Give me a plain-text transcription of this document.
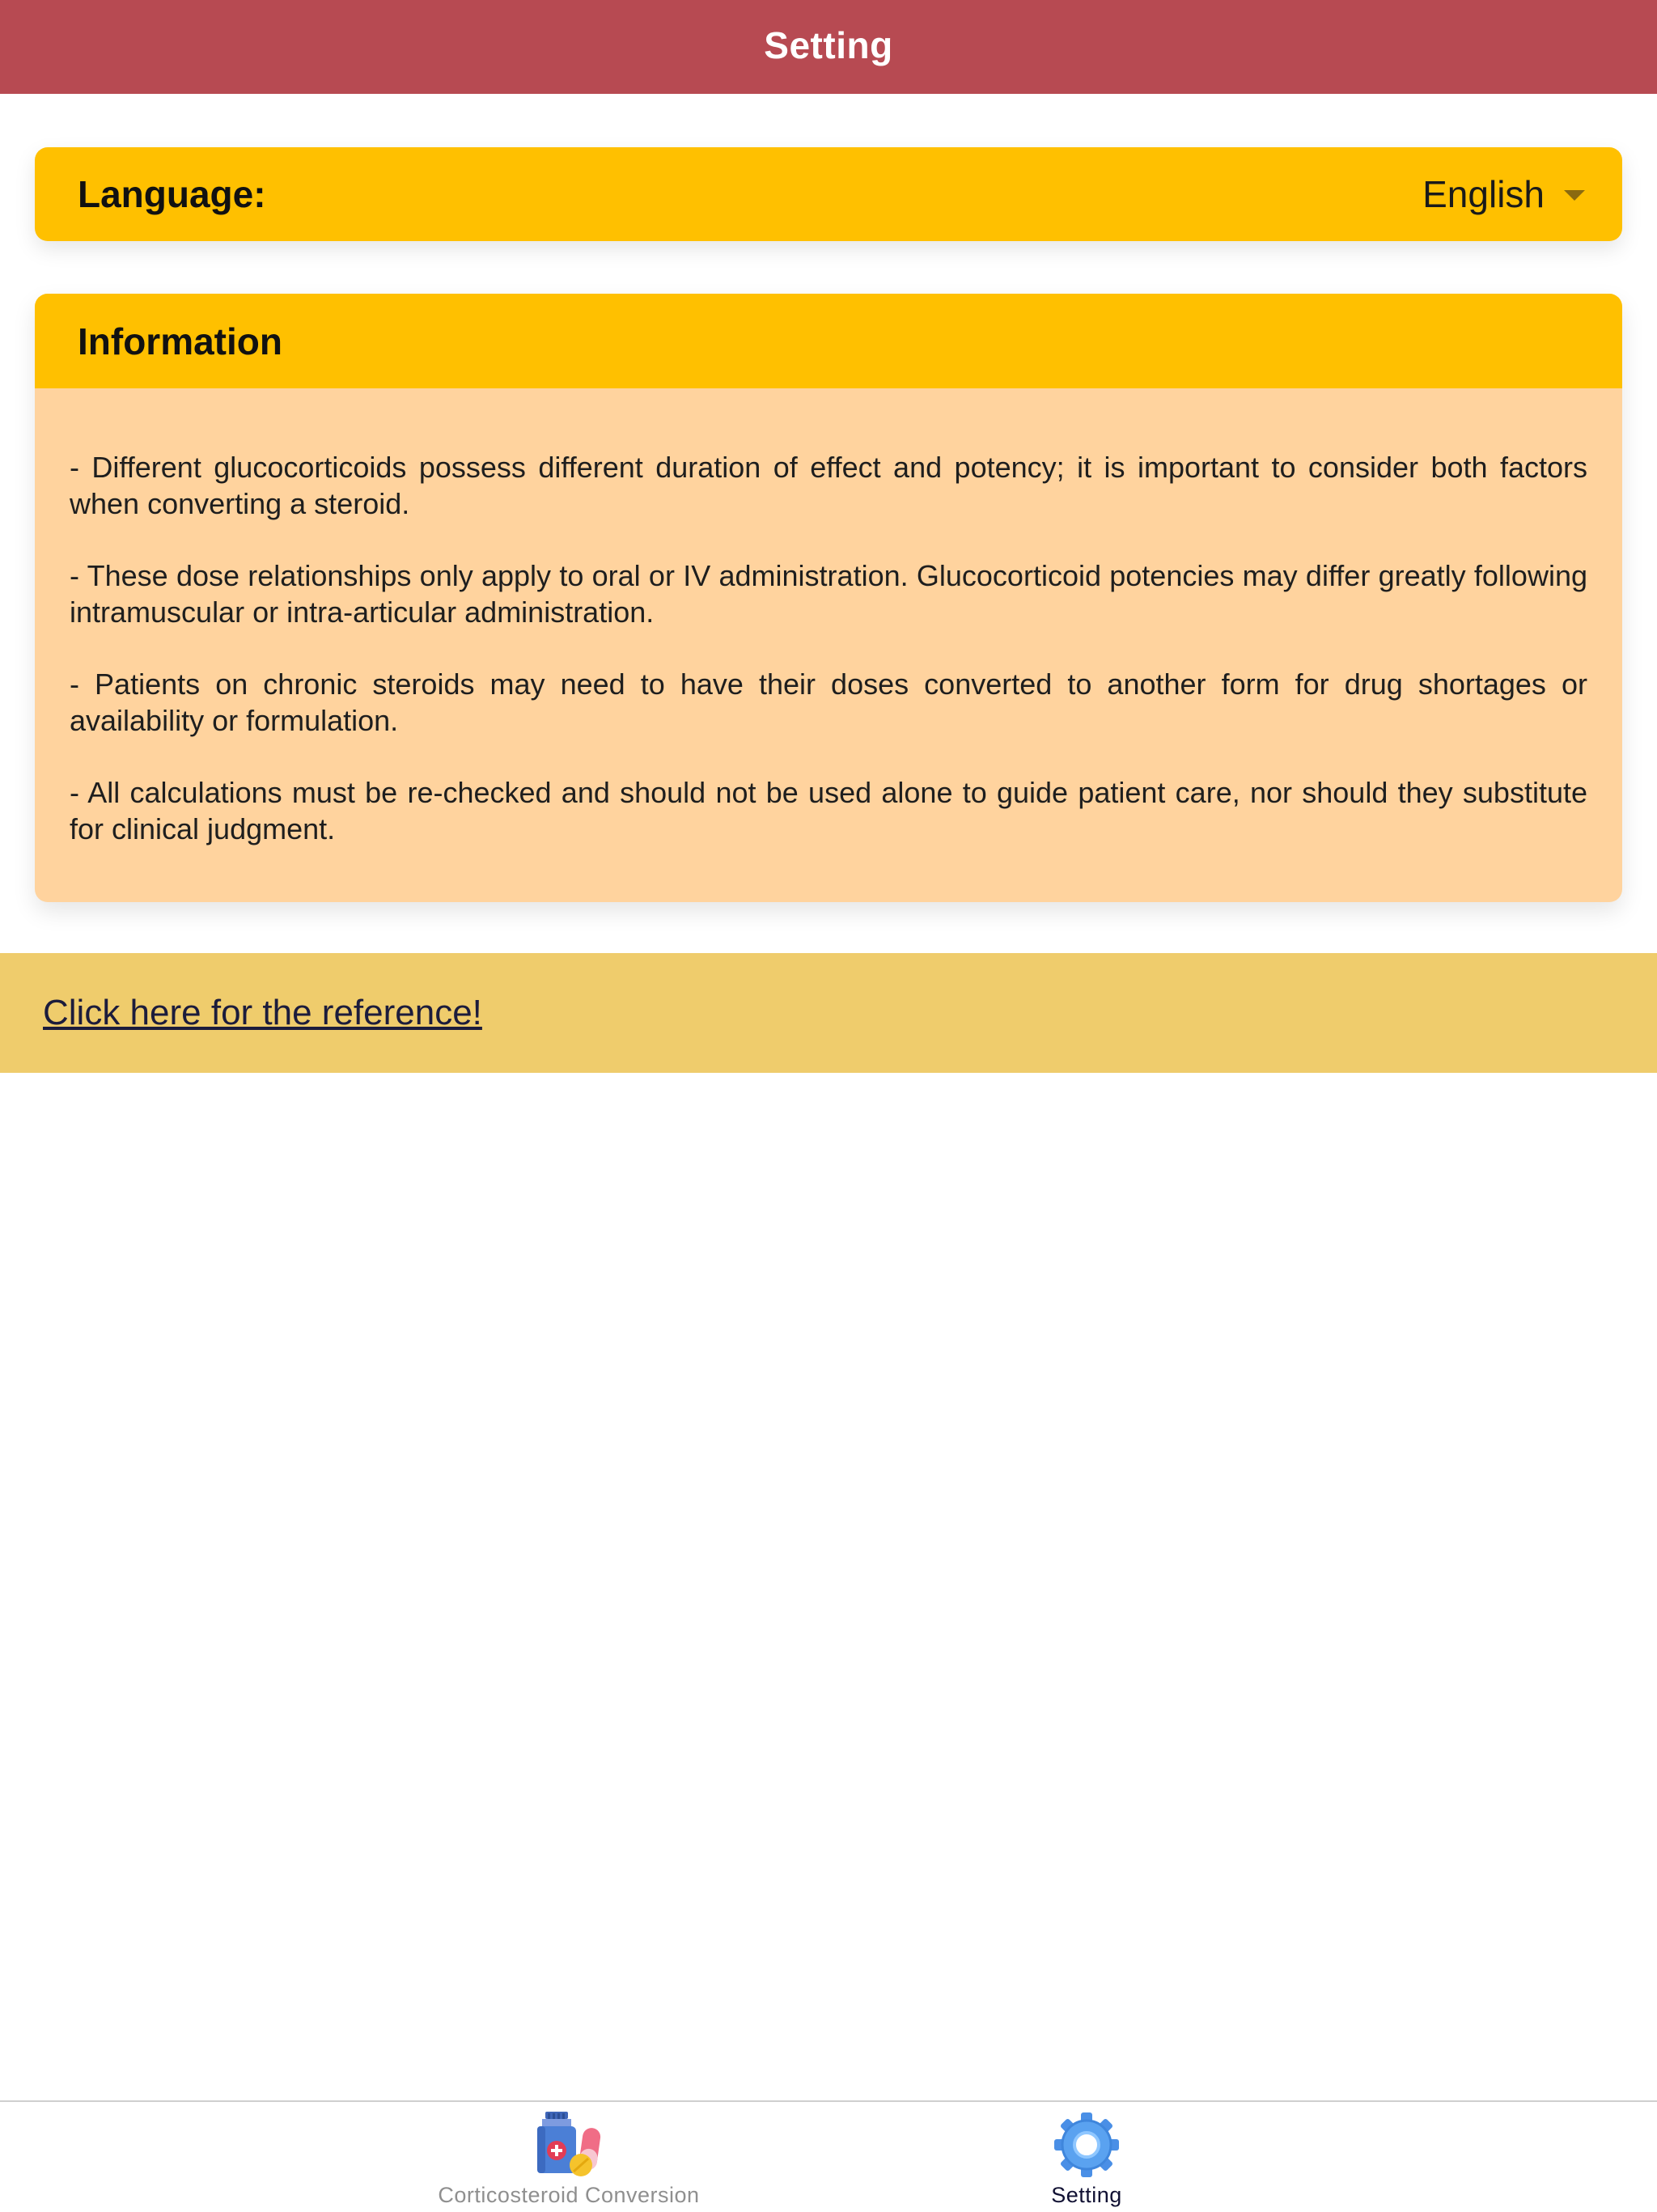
Setting
Language:	English
Information

- Different glucocorticoids possess different duration of effect and potency; it is important to consider both factors when converting a steroid.

- These dose relationships only apply to oral or IV administration. Glucocorticoid potencies may differ greatly following intramuscular or intra-articular administration.

- Patients on chronic steroids may need to have their doses converted to another form for drug shortages or availability or formulation.

- All calculations must be re-checked and should not be used alone to guide patient care, nor should they substitute for clinical judgment.

Click here for the reference!
Corticosteroid Conversion	Setting
